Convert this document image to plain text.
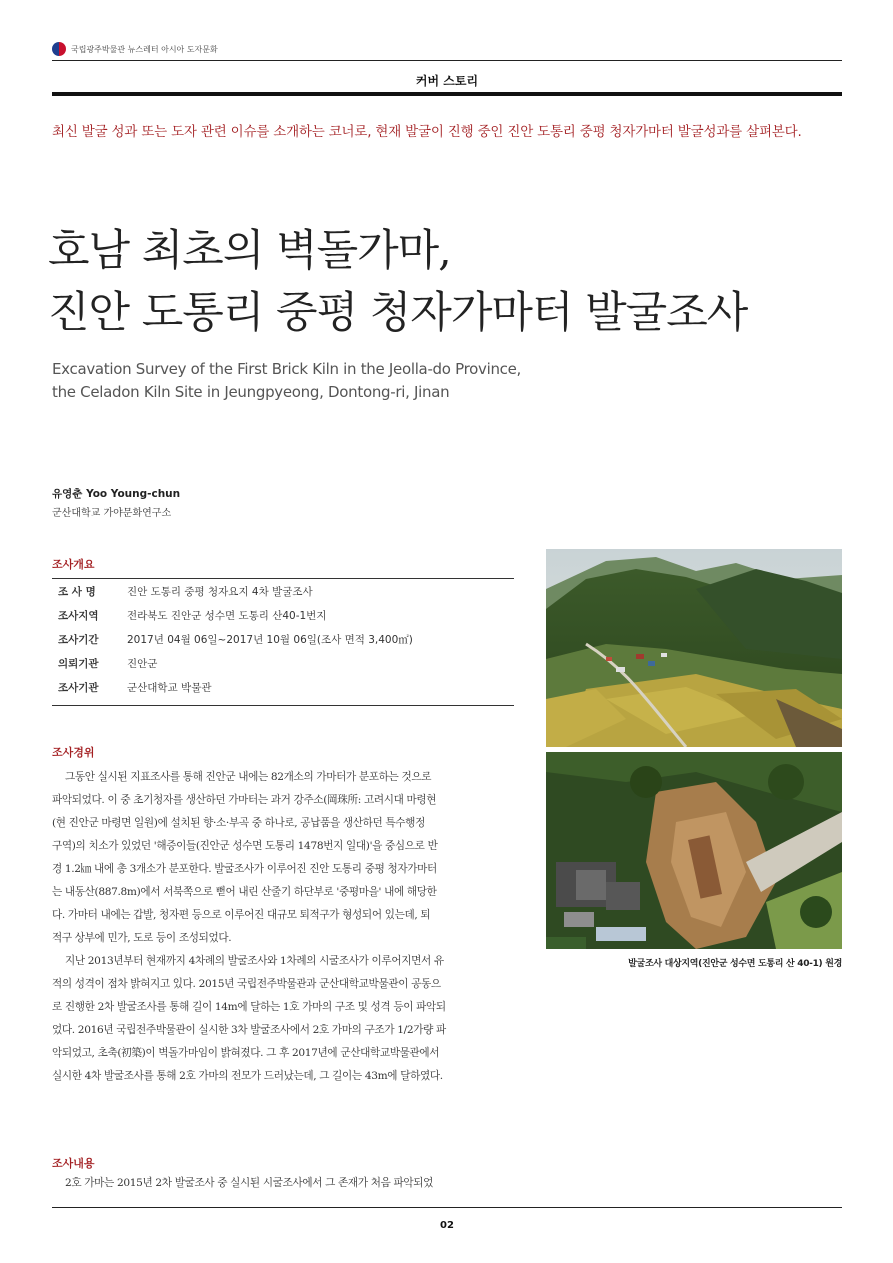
국립광주박물관 뉴스레터 아시아 도자문화
커버 스토리
최신 발굴 성과 또는 도자 관련 이슈를 소개하는 코너로, 현재 발굴이 진행 중인 진안 도통리 중평 청자가마터 발굴성과를 살펴본다.
호남 최초의 벽돌가마,
진안 도통리 중평 청자가마터 발굴조사
Excavation Survey of the First Brick Kiln in the Jeolla-do Province,
the Celadon Kiln Site in Jeungpyeong, Dontong-ri, Jinan
유영춘 Yoo Young-chun
군산대학교 가야문화연구소
조사개요
조 사 명	진안 도통리 중평 청자요지 4차 발굴조사
조사지역	전라북도 진안군 성수면 도통리 산40-1번지
조사기간	2017년 04월 06일~2017년 10월 06일(조사 면적 3,400㎡)
의뢰기관	진안군
조사기관	군산대학교 박물관
조사경위
그동안 실시된 지표조사를 통해 진안군 내에는 82개소의 가마터가 분포하는 것으로
파악되었다. 이 중 초기청자를 생산하던 가마터는 과거 강주소(岡珠所: 고려시대 마령현
(현 진안군 마령면 일원)에 설치된 향·소·부곡 중 하나로, 공납품을 생산하던 특수행정
구역)의 치소가 있었던 '해증이들(진안군 성수면 도통리 1478번지 일대)'을 중심으로 반
경 1.2㎞ 내에 총 3개소가 분포한다. 발굴조사가 이루어진 진안 도통리 중평 청자가마터
는 내동산(887.8m)에서 서북쪽으로 뻗어 내린 산줄기 하단부로 '중평마을' 내에 해당한
다. 가마터 내에는 갑발, 청자편 등으로 이루어진 대규모 퇴적구가 형성되어 있는데, 퇴
적구 상부에 민가, 도로 등이 조성되었다.
지난 2013년부터 현재까지 4차례의 발굴조사와 1차례의 시굴조사가 이루어지면서 유
적의 성격이 점차 밝혀지고 있다. 2015년 국립전주박물관과 군산대학교박물관이 공동으
로 진행한 2차 발굴조사를 통해 길이 14m에 달하는 1호 가마의 구조 및 성격 등이 파악되
었다. 2016년 국립전주박물관이 실시한 3차 발굴조사에서 2호 가마의 구조가 1/2가량 파
악되었고, 초축(初築)이 벽돌가마임이 밝혀졌다. 그 후 2017년에 군산대학교박물관에서
실시한 4차 발굴조사를 통해 2호 가마의 전모가 드러났는데, 그 길이는 43m에 달하였다.
조사내용
2호 가마는 2015년 2차 발굴조사 중 실시된 시굴조사에서 그 존재가 처음 파악되었
발굴조사 대상지역(진안군 성수면 도통리 산 40-1) 원경
02
